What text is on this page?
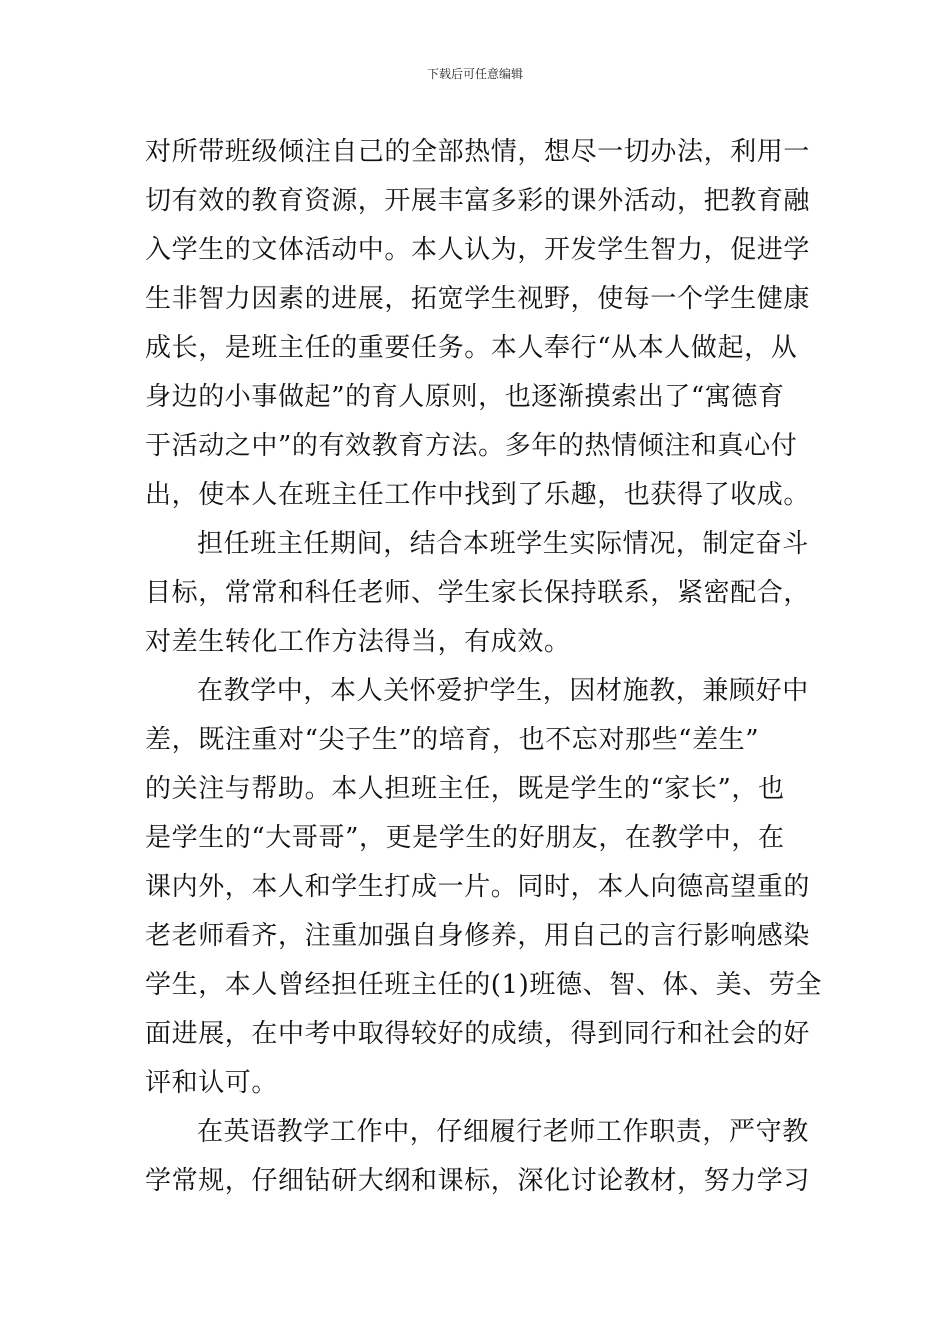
下载后可任意编辑
对所带班级倾注自己的全部热情，想尽一切办法，利用一
切有效的教育资源，开展丰富多彩的课外活动，把教育融
入学生的文体活动中。本人认为，开发学生智力，促进学
生非智力因素的进展，拓宽学生视野，使每一个学生健康
成长，是班主任的重要任务。本人奉行“从本人做起，从
身边的小事做起”的育人原则，也逐渐摸索出了“寓德育
于活动之中”的有效教育方法。多年的热情倾注和真心付
出，使本人在班主任工作中找到了乐趣，也获得了收成。
担任班主任期间，结合本班学生实际情况，制定奋斗
目标，常常和科任老师、学生家长保持联系，紧密配合，
对差生转化工作方法得当，有成效。
在教学中，本人关怀爱护学生，因材施教，兼顾好中
差，既注重对“尖子生”的培育，也不忘对那些“差生”
的关注与帮助。本人担班主任，既是学生的“家长”，也
是学生的“大哥哥”，更是学生的好朋友，在教学中，在
课内外，本人和学生打成一片。同时，本人向德高望重的
老老师看齐，注重加强自身修养，用自己的言行影响感染
学生，本人曾经担任班主任的(1)班德、智、体、美、劳全
面进展，在中考中取得较好的成绩，得到同行和社会的好
评和认可。
在英语教学工作中，仔细履行老师工作职责，严守教
学常规，仔细钻研大纲和课标，深化讨论教材，努力学习
